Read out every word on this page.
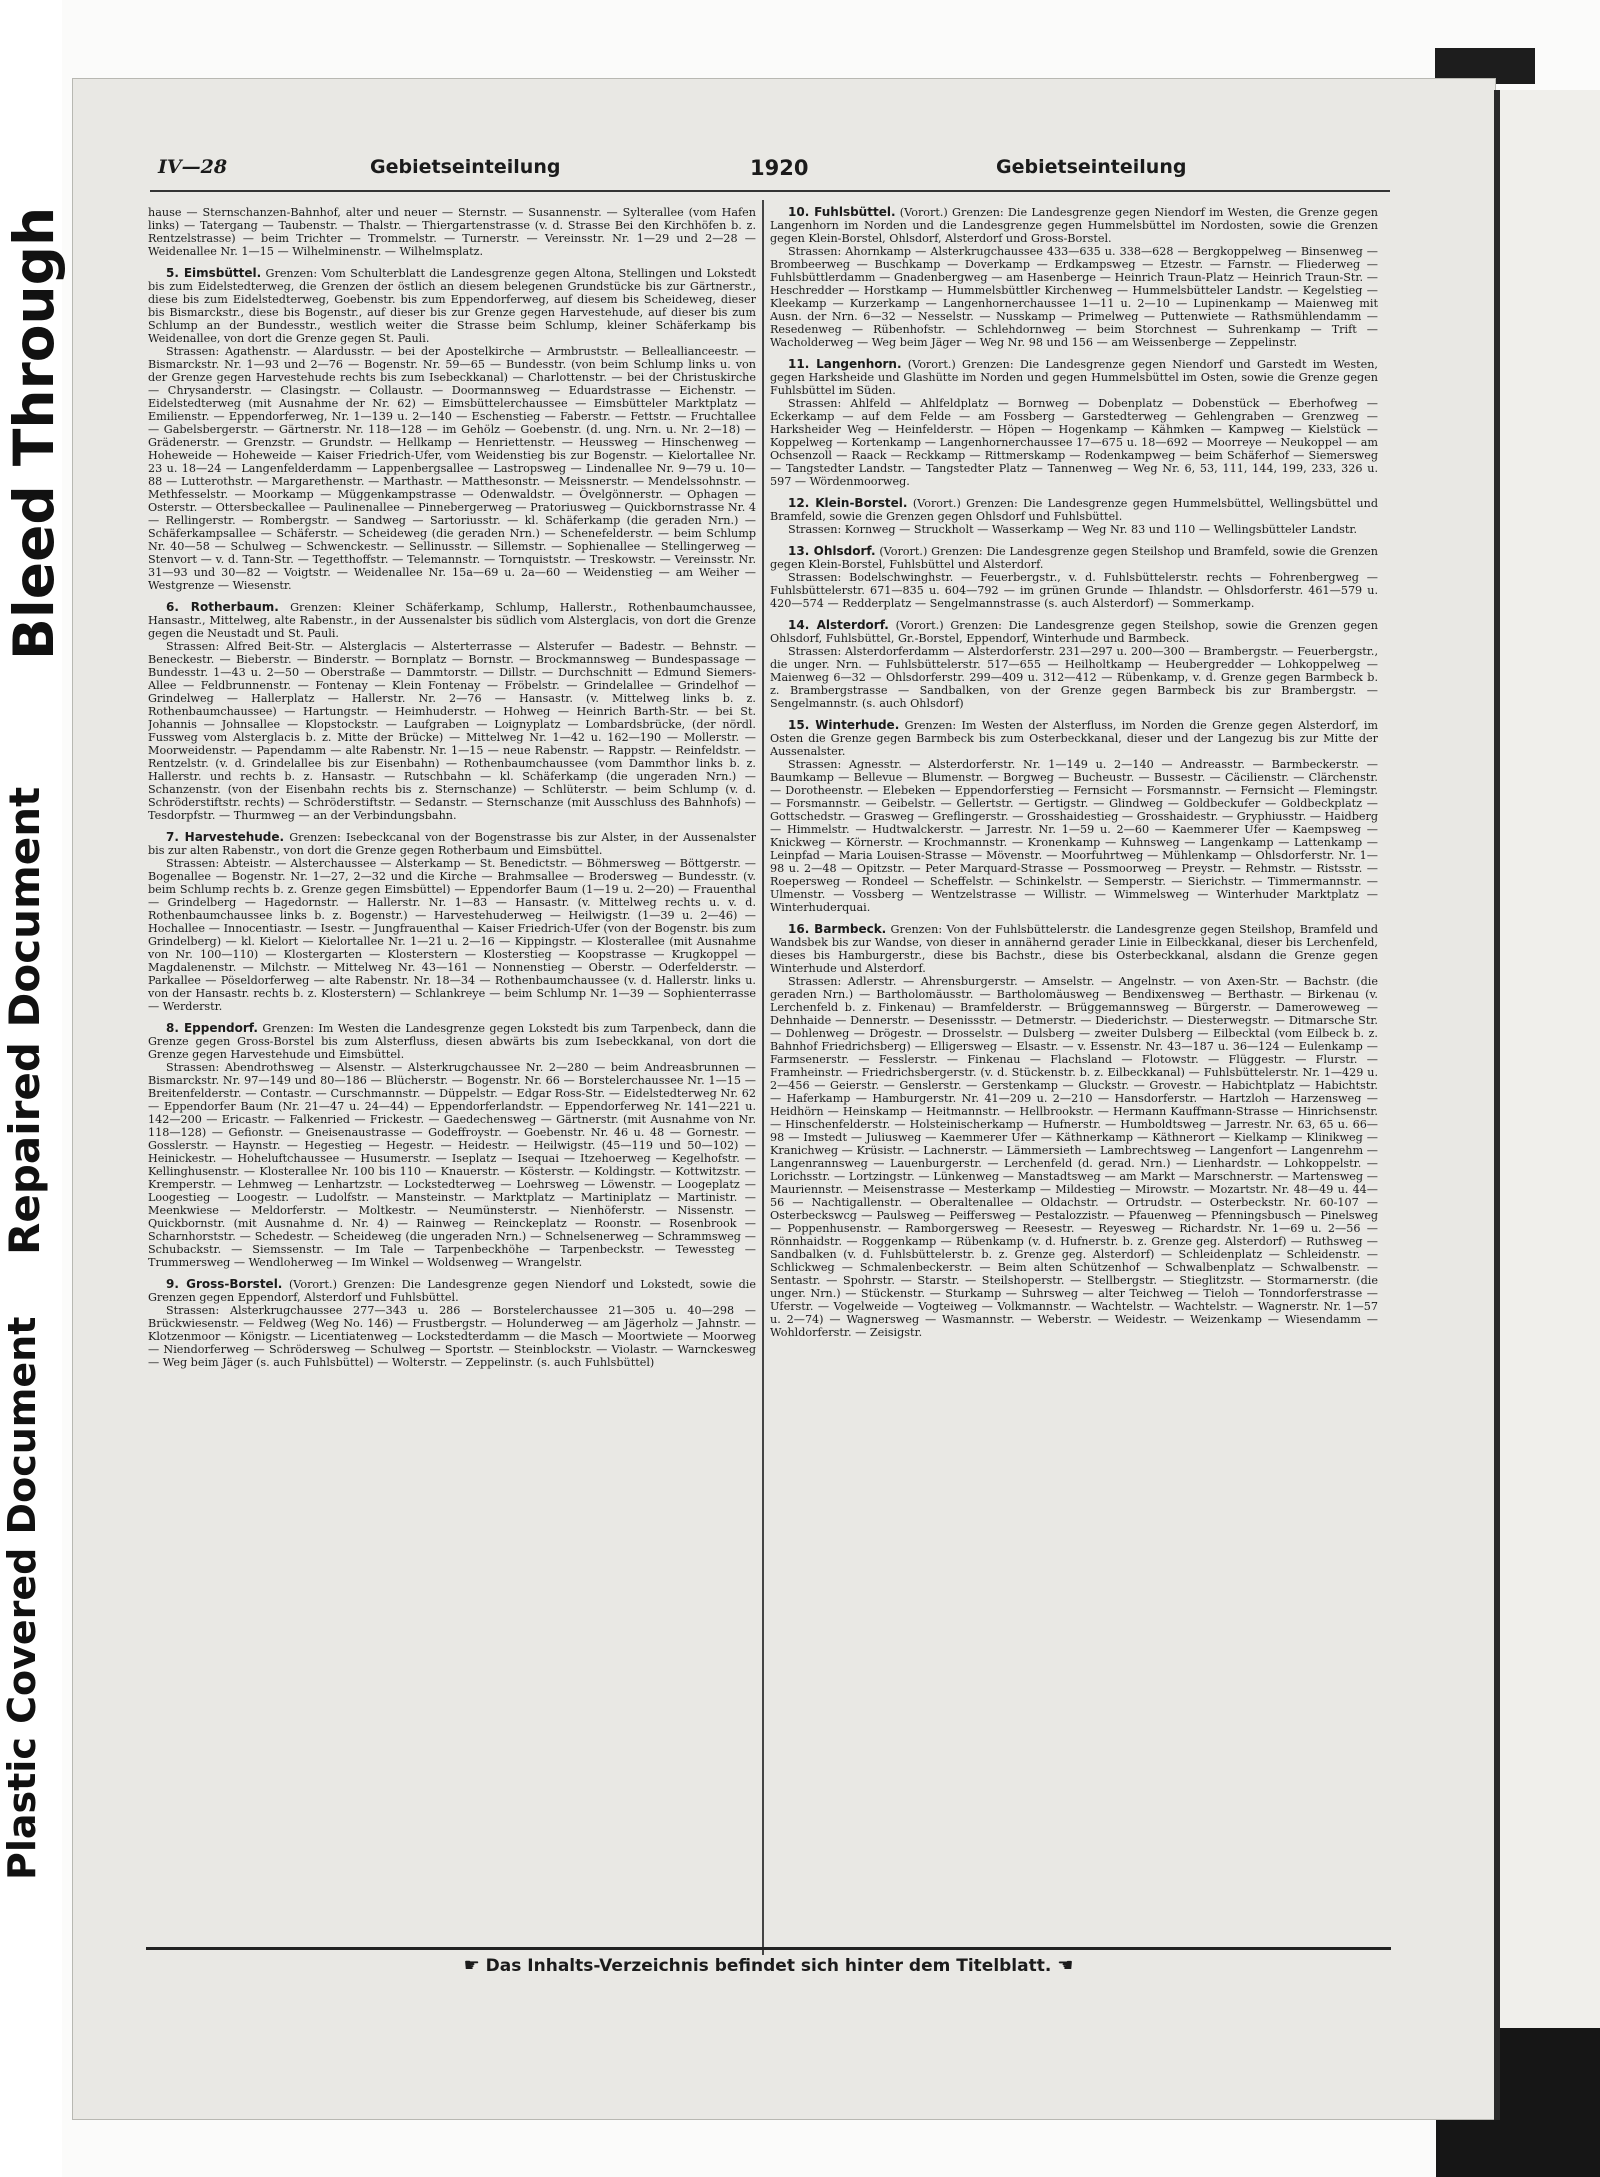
Plastic Covered Document
Repaired Document
Bleed Through
IV—28	Gebietseinteilung	1920	Gebietseinteilung

hause — Sternschanzen-Bahnhof, alter und neuer — Sternstr. — Susannenstr. — Sylterallee (vom Hafen links) — Tatergang — Taubenstr. — Thalstr. — Thiergartenstrasse (v. d. Strasse Bei den Kirchhöfen b. z. Rentzelstrasse) — beim Trichter — Trommelstr. — Turnerstr. — Vereinsstr. Nr. 1—29 und 2—28 — Weidenallee Nr. 1—15 — Wilhelminenstr. — Wilhelmsplatz.

5. Eimsbüttel. Grenzen: Vom Schulterblatt die Landesgrenze gegen Altona, Stellingen und Lokstedt bis zum Eidelstedterweg, die Grenzen der östlich an diesem belegenen Grundstücke bis zur Gärtnerstr., diese bis zum Eidelstedterweg, Goebenstr. bis zum Eppendorferweg, auf diesem bis Scheideweg, dieser bis Bismarckstr., diese bis Bogenstr., auf dieser bis zur Grenze gegen Harvestehude, auf dieser bis zum Schlump an der Bundesstr., westlich weiter die Strasse beim Schlump, kleiner Schäferkamp bis Weidenallee, von dort die Grenze gegen St. Pauli.

Strassen: Agathenstr. — Alardusstr. — bei der Apostelkirche — Armbruststr. — Belleallianceestr. — Bismarckstr. Nr. 1—93 und 2—76 — Bogenstr. Nr. 59—65 — Bundesstr. (von beim Schlump links u. von der Grenze gegen Harvestehude rechts bis zum Isebeckkanal) — Charlottenstr. — bei der Christuskirche — Chrysanderstr. — Clasingstr. — Collaustr. — Doormannsweg — Eduardstrasse — Eichenstr. — Eidelstedterweg (mit Ausnahme der Nr. 62) — Eimsbüttelerchaussee — Eimsbütteler Marktplatz — Emilienstr. — Eppendorferweg, Nr. 1—139 u. 2—140 — Eschenstieg — Faberstr. — Fettstr. — Fruchtallee — Gabelsbergerstr. — Gärtnerstr. Nr. 118—128 — im Gehölz — Goebenstr. (d. ung. Nrn. u. Nr. 2—18) — Grädenerstr. — Grenzstr. — Grundstr. — Hellkamp — Henriettenstr. — Heussweg — Hinschenweg — Hoheweide — Hoheweide — Kaiser Friedrich-Ufer, vom Weidenstieg bis zur Bogenstr. — Kielortallee Nr. 23 u. 18—24 — Langenfelderdamm — Lappenbergsallee — Lastropsweg — Lindenallee Nr. 9—79 u. 10—88 — Lutterothstr. — Margarethenstr. — Marthastr. — Matthesonstr. — Meissnerstr. — Mendelssohnstr. — Methfesselstr. — Moorkamp — Müggenkampstrasse — Odenwaldstr. — Övelgönnerstr. — Ophagen — Osterstr. — Ottersbeckallee — Paulinenallee — Pinnebergerweg — Pratoriusweg — Quickbornstrasse Nr. 4 — Rellingerstr. — Rombergstr. — Sandweg — Sartoriusstr. — kl. Schäferkamp (die geraden Nrn.) — Schäferkampsallee — Schäferstr. — Scheideweg (die geraden Nrn.) — Schenefelderstr. — beim Schlump Nr. 40—58 — Schulweg — Schwenckestr. — Sellinusstr. — Sillemstr. — Sophienallee — Stellingerweg — Stenvort — v. d. Tann-Str. — Tegetthoffstr. — Telemannstr. — Tornquiststr. — Treskowstr. — Vereinsstr. Nr. 31—93 und 30—82 — Voigtstr. — Weidenallee Nr. 15a—69 u. 2a—60 — Weidenstieg — am Weiher — Westgrenze — Wiesenstr.

6. Rotherbaum. Grenzen: Kleiner Schäferkamp, Schlump, Hallerstr., Rothenbaumchaussee, Hansastr., Mittelweg, alte Rabenstr., in der Aussenalster bis südlich vom Alsterglacis, von dort die Grenze gegen die Neustadt und St. Pauli.

Strassen: Alfred Beit-Str. — Alsterglacis — Alsterterrasse — Alsterufer — Badestr. — Behnstr. — Beneckestr. — Bieberstr. — Binderstr. — Bornplatz — Bornstr. — Brockmannsweg — Bundespassage — Bundesstr. 1—43 u. 2—50 — Oberstraße — Dammtorstr. — Dillstr. — Durchschnitt — Edmund Siemers-Allee — Feldbrunnenstr. — Fontenay — Klein Fontenay — Fröbelstr. — Grindelallee — Grindelhof — Grindelweg — Hallerplatz — Hallerstr. Nr. 2—76 — Hansastr. (v. Mittelweg links b. z. Rothenbaumchaussee) — Hartungstr. — Heimhuderstr. — Hohweg — Heinrich Barth-Str. — bei St. Johannis — Johnsallee — Klopstockstr. — Laufgraben — Loignyplatz — Lombardsbrücke, (der nördl. Fussweg vom Alsterglacis b. z. Mitte der Brücke) — Mittelweg Nr. 1—42 u. 162—190 — Mollerstr. — Moorweidenstr. — Papendamm — alte Rabenstr. Nr. 1—15 — neue Rabenstr. — Rappstr. — Reinfeldstr. — Rentzelstr. (v. d. Grindelallee bis zur Eisenbahn) — Rothenbaumchaussee (vom Dammthor links b. z. Hallerstr. und rechts b. z. Hansastr. — Rutschbahn — kl. Schäferkamp (die ungeraden Nrn.) — Schanzenstr. (von der Eisenbahn rechts bis z. Sternschanze) — Schlüterstr. — beim Schlump (v. d. Schröderstiftstr. rechts) — Schröderstiftstr. — Sedanstr. — Sternschanze (mit Ausschluss des Bahnhofs) — Tesdorpfstr. — Thurmweg — an der Verbindungsbahn.

7. Harvestehude. Grenzen: Isebeckcanal von der Bogenstrasse bis zur Alster, in der Aussenalster bis zur alten Rabenstr., von dort die Grenze gegen Rotherbaum und Eimsbüttel.

Strassen: Abteistr. — Alsterchaussee — Alsterkamp — St. Benedictstr. — Böhmersweg — Böttgerstr. — Bogenallee — Bogenstr. Nr. 1—27, 2—32 und die Kirche — Brahmsallee — Brodersweg — Bundesstr. (v. beim Schlump rechts b. z. Grenze gegen Eimsbüttel) — Eppendorfer Baum (1—19 u. 2—20) — Frauenthal — Grindelberg — Hagedornstr. — Hallerstr. Nr. 1—83 — Hansastr. (v. Mittelweg rechts u. v. d. Rothenbaumchaussee links b. z. Bogenstr.) — Harvestehuderweg — Heilwigstr. (1—39 u. 2—46) — Hochallee — Innocentiastr. — Isestr. — Jungfrauenthal — Kaiser Friedrich-Ufer (von der Bogenstr. bis zum Grindelberg) — kl. Kielort — Kielortallee Nr. 1—21 u. 2—16 — Kippingstr. — Klosterallee (mit Ausnahme von Nr. 100—110) — Klostergarten — Klosterstern — Klosterstieg — Koopstrasse — Krugkoppel — Magdalenenstr. — Milchstr. — Mittelweg Nr. 43—161 — Nonnenstieg — Oberstr. — Oderfelderstr. — Parkallee — Pöseldorferweg — alte Rabenstr. Nr. 18—34 — Rothenbaumchaussee (v. d. Hallerstr. links u. von der Hansastr. rechts b. z. Klosterstern) — Schlankreye — beim Schlump Nr. 1—39 — Sophienterrasse — Werderstr.

8. Eppendorf. Grenzen: Im Westen die Landesgrenze gegen Lokstedt bis zum Tarpenbeck, dann die Grenze gegen Gross-Borstel bis zum Alsterfluss, diesen abwärts bis zum Isebeckkanal, von dort die Grenze gegen Harvestehude und Eimsbüttel.

Strassen: Abendrothsweg — Alsenstr. — Alsterkrugchaussee Nr. 2—280 — beim Andreasbrunnen — Bismarckstr. Nr. 97—149 und 80—186 — Blücherstr. — Bogenstr. Nr. 66 — Borstelerchaussee Nr. 1—15 — Breitenfelderstr. — Contastr. — Curschmannstr. — Düppelstr. — Edgar Ross-Str. — Eidelstedterweg Nr. 62 — Eppendorfer Baum (Nr. 21—47 u. 24—44) — Eppendorferlandstr. — Eppendorferweg Nr. 141—221 u. 142—200 — Ericastr. — Falkenried — Frickestr. — Gaedechensweg — Gärtnerstr. (mit Ausnahme von Nr. 118—128) — Gefionstr. — Gneisenaustrasse — Godeffroystr. — Goebenstr. Nr. 46 u. 48 — Gornestr. — Gosslerstr. — Haynstr. — Hegestieg — Hegestr. — Heidestr. — Heilwigstr. (45—119 und 50—102) — Heinickestr. — Hoheluftchaussee — Husumerstr. — Iseplatz — Isequai — Itzehoerweg — Kegelhofstr. — Kellinghusenstr. — Klosterallee Nr. 100 bis 110 — Knauerstr. — Kösterstr. — Koldingstr. — Kottwitzstr. — Kremperstr. — Lehmweg — Lenhartzstr. — Lockstedterweg — Loehrsweg — Löwenstr. — Loogeplatz — Loogestieg — Loogestr. — Ludolfstr. — Mansteinstr. — Marktplatz — Martiniplatz — Martinistr. — Meenkwiese — Meldorferstr. — Moltkestr. — Neumünsterstr. — Nienhöferstr. — Nissenstr. — Quickbornstr. (mit Ausnahme d. Nr. 4) — Rainweg — Reinckeplatz — Roonstr. — Rosenbrook — Scharnhorststr. — Schedestr. — Scheideweg (die ungeraden Nrn.) — Schnelsenerweg — Schrammsweg — Schubackstr. — Siemssenstr. — Im Tale — Tarpenbeckhöhe — Tarpenbeckstr. — Tewessteg — Trummersweg — Wendloherweg — Im Winkel — Woldsenweg — Wrangelstr.

9. Gross-Borstel. (Vorort.) Grenzen: Die Landesgrenze gegen Niendorf und Lokstedt, sowie die Grenzen gegen Eppendorf, Alsterdorf und Fuhlsbüttel.

Strassen: Alsterkrugchaussee 277—343 u. 286 — Borstelerchaussee 21—305 u. 40—298 — Brückwiesenstr. — Feldweg (Weg No. 146) — Frustbergstr. — Holunderweg — am Jägerholz — Jahnstr. — Klotzenmoor — Königstr. — Licentiatenweg — Lockstedterdamm — die Masch — Moortwiete — Moorweg — Niendorferweg — Schrödersweg — Schulweg — Sportstr. — Steinblockstr. — Violastr. — Warnckesweg — Weg beim Jäger (s. auch Fuhlsbüttel) — Wolterstr. — Zeppelinstr. (s. auch Fuhlsbüttel)

10. Fuhlsbüttel. (Vorort.) Grenzen: Die Landesgrenze gegen Niendorf im Westen, die Grenze gegen Langenhorn im Norden und die Landesgrenze gegen Hummelsbüttel im Nordosten, sowie die Grenzen gegen Klein-Borstel, Ohlsdorf, Alsterdorf und Gross-Borstel.

Strassen: Ahornkamp — Alsterkrugchaussee 433—635 u. 338—628 — Bergkoppelweg — Binsenweg — Brombeerweg — Buschkamp — Doverkamp — Erdkampsweg — Etzestr. — Farnstr. — Fliederweg — Fuhlsbüttlerdamm — Gnadenbergweg — am Hasenberge — Heinrich Traun-Platz — Heinrich Traun-Str. — Heschredder — Horstkamp — Hummelsbüttler Kirchenweg — Hummelsbütteler Landstr. — Kegelstieg — Kleekamp — Kurzerkamp — Langenhornerchaussee 1—11 u. 2—10 — Lupinenkamp — Maienweg mit Ausn. der Nrn. 6—32 — Nesselstr. — Nusskamp — Primelweg — Puttenwiete — Rathsmühlendamm — Resedenweg — Rübenhofstr. — Schlehdornweg — beim Storchnest — Suhrenkamp — Trift — Wacholderweg — Weg beim Jäger — Weg Nr. 98 und 156 — am Weissenberge — Zeppelinstr.

11. Langenhorn. (Vorort.) Grenzen: Die Landesgrenze gegen Niendorf und Garstedt im Westen, gegen Harksheide und Glashütte im Norden und gegen Hummelsbüttel im Osten, sowie die Grenze gegen Fuhlsbüttel im Süden.

Strassen: Ahlfeld — Ahlfeldplatz — Bornweg — Dobenplatz — Dobenstück — Eberhofweg — Eckerkamp — auf dem Felde — am Fossberg — Garstedterweg — Gehlengraben — Grenzweg — Harksheider Weg — Heinfelderstr. — Höpen — Hogenkamp — Kähmken — Kampweg — Kielstück — Koppelweg — Kortenkamp — Langenhornerchaussee 17—675 u. 18—692 — Moorreye — Neukoppel — am Ochsenzoll — Raack — Reckkamp — Rittmerskamp — Rodenkampweg — beim Schäferhof — Siemersweg — Tangstedter Landstr. — Tangstedter Platz — Tannenweg — Weg Nr. 6, 53, 111, 144, 199, 233, 326 u. 597 — Wördenmoorweg.

12. Klein-Borstel. (Vorort.) Grenzen: Die Landesgrenze gegen Hummelsbüttel, Wellingsbüttel und Bramfeld, sowie die Grenzen gegen Ohlsdorf und Fuhlsbüttel.

Strassen: Kornweg — Struckholt — Wasserkamp — Weg Nr. 83 und 110 — Wellingsbütteler Landstr.

13. Ohlsdorf. (Vorort.) Grenzen: Die Landesgrenze gegen Steilshop und Bramfeld, sowie die Grenzen gegen Klein-Borstel, Fuhlsbüttel und Alsterdorf.

Strassen: Bodelschwinghstr. — Feuerbergstr., v. d. Fuhlsbüttelerstr. rechts — Fohrenbergweg — Fuhlsbüttelerstr. 671—835 u. 604—792 — im grünen Grunde — Ihlandstr. — Ohlsdorferstr. 461—579 u. 420—574 — Redderplatz — Sengelmannstrasse (s. auch Alsterdorf) — Sommerkamp.

14. Alsterdorf. (Vorort.) Grenzen: Die Landesgrenze gegen Steilshop, sowie die Grenzen gegen Ohlsdorf, Fuhlsbüttel, Gr.-Borstel, Eppendorf, Winterhude und Barmbeck.

Strassen: Alsterdorferdamm — Alsterdorferstr. 231—297 u. 200—300 — Brambergstr. — Feuerbergstr., die unger. Nrn. — Fuhlsbüttelerstr. 517—655 — Heilholtkamp — Heubergredder — Lohkoppelweg — Maienweg 6—32 — Ohlsdorferstr. 299—409 u. 312—412 — Rübenkamp, v. d. Grenze gegen Barmbeck b. z. Brambergstrasse — Sandbalken, von der Grenze gegen Barmbeck bis zur Brambergstr. — Sengelmannstr. (s. auch Ohlsdorf)

15. Winterhude. Grenzen: Im Westen der Alsterfluss, im Norden die Grenze gegen Alsterdorf, im Osten die Grenze gegen Barmbeck bis zum Osterbeckkanal, dieser und der Langezug bis zur Mitte der Aussenalster.

Strassen: Agnesstr. — Alsterdorferstr. Nr. 1—149 u. 2—140 — Andreasstr. — Barmbeckerstr. — Baumkamp — Bellevue — Blumenstr. — Borgweg — Bucheustr. — Bussestr. — Cäcilienstr. — Clärchenstr. — Dorotheenstr. — Elebeken — Eppendorferstieg — Fernsicht — Forsmannstr. — Fernsicht — Flemingstr. — Forsmannstr. — Geibelstr. — Gellertstr. — Gertigstr. — Glindweg — Goldbeckufer — Goldbeckplatz — Gottschedstr. — Grasweg — Greflingerstr. — Grosshaidestieg — Grosshaidestr. — Gryphiusstr. — Haidberg — Himmelstr. — Hudtwalckerstr. — Jarrestr. Nr. 1—59 u. 2—60 — Kaemmerer Ufer — Kaempsweg — Knickweg — Körnerstr. — Krochmannstr. — Kronenkamp — Kuhnsweg — Langenkamp — Lattenkamp — Leinpfad — Maria Louisen-Strasse — Mövenstr. — Moorfuhrtweg — Mühlenkamp — Ohlsdorferstr. Nr. 1—98 u. 2—48 — Opitzstr. — Peter Marquard-Strasse — Possmoorweg — Preystr. — Rehmstr. — Ristsstr. — Roepersweg — Rondeel — Scheffelstr. — Schinkelstr. — Semperstr. — Sierichstr. — Timmermannstr. — Ulmenstr. — Vossberg — Wentzelstrasse — Willistr. — Wimmelsweg — Winterhuder Marktplatz — Winterhuderquai.

16. Barmbeck. Grenzen: Von der Fuhlsbüttelerstr. die Landesgrenze gegen Steilshop, Bramfeld und Wandsbek bis zur Wandse, von dieser in annähernd gerader Linie in Eilbeckkanal, dieser bis Lerchenfeld, dieses bis Hamburgerstr., diese bis Bachstr., diese bis Osterbeckkanal, alsdann die Grenze gegen Winterhude und Alsterdorf.

Strassen: Adlerstr. — Ahrensburgerstr. — Amselstr. — Angelnstr. — von Axen-Str. — Bachstr. (die geraden Nrn.) — Bartholomäusstr. — Bartholomäusweg — Bendixensweg — Berthastr. — Birkenau (v. Lerchenfeld b. z. Finkenau) — Bramfelderstr. — Brüggemannsweg — Bürgerstr. — Dameroweweg — Dehnhaide — Dennerstr. — Desenissstr. — Detmerstr. — Diederichstr. — Diesterwegstr. — Ditmarsche Str. — Dohlenweg — Drögestr. — Drosselstr. — Dulsberg — zweiter Dulsberg — Eilbecktal (vom Eilbeck b. z. Bahnhof Friedrichsberg) — Elligersweg — Elsastr. — v. Essenstr. Nr. 43—187 u. 36—124 — Eulenkamp — Farmsenerstr. — Fesslerstr. — Finkenau — Flachsland — Flotowstr. — Flüggestr. — Flurstr. — Framheinstr. — Friedrichsbergerstr. (v. d. Stückenstr. b. z. Eilbeckkanal) — Fuhlsbüttelerstr. Nr. 1—429 u. 2—456 — Geierstr. — Genslerstr. — Gerstenkamp — Gluckstr. — Grovestr. — Habichtplatz — Habichtstr. — Haferkamp — Hamburgerstr. Nr. 41—209 u. 2—210 — Hansdorferstr. — Hartzloh — Harzensweg — Heidhörn — Heinskamp — Heitmannstr. — Hellbrookstr. — Hermann Kauffmann-Strasse — Hinrichsenstr. — Hinschenfelderstr. — Holsteinischerkamp — Hufnerstr. — Humboldtsweg — Jarrestr. Nr. 63, 65 u. 66—98 — Imstedt — Juliusweg — Kaemmerer Ufer — Käthnerkamp — Käthnerort — Kielkamp — Klinikweg — Kranichweg — Krüsistr. — Lachnerstr. — Lämmersieth — Lambrechtsweg — Langenfort — Langenrehm — Langenrannsweg — Lauenburgerstr. — Lerchenfeld (d. gerad. Nrn.) — Lienhardstr. — Lohkoppelstr. — Lorichsstr. — Lortzingstr. — Lünkenweg — Manstadtsweg — am Markt — Marschnerstr. — Martensweg — Mauriennstr. — Meisenstrasse — Mesterkamp — Mildestieg — Mirowstr. — Mozartstr. Nr. 48—49 u. 44—56 — Nachtigallenstr. — Oberaltenallee — Oldachstr. — Ortrudstr. — Osterbeckstr. Nr. 60-107 — Osterbeckswcg — Paulsweg — Peiffersweg — Pestalozzistr. — Pfauenweg — Pfenningsbusch — Pinelsweg — Poppenhusenstr. — Ramborgersweg — Reesestr. — Reyesweg — Richardstr. Nr. 1—69 u. 2—56 — Rönnhaidstr. — Roggenkamp — Rübenkamp (v. d. Hufnerstr. b. z. Grenze geg. Alsterdorf) — Ruthsweg — Sandbalken (v. d. Fuhlsbüttelerstr. b. z. Grenze geg. Alsterdorf) — Schleidenplatz — Schleidenstr. — Schlickweg — Schmalenbeckerstr. — Beim alten Schützenhof — Schwalbenplatz — Schwalbenstr. — Sentastr. — Spohrstr. — Starstr. — Steilshoperstr. — Stellbergstr. — Stieglitzstr. — Stormarnerstr. (die unger. Nrn.) — Stückenstr. — Sturkamp — Suhrsweg — alter Teichweg — Tieloh — Tonndorferstrasse — Uferstr. — Vogelweide — Vogteiweg — Volkmannstr. — Wachtelstr. — Wachtelstr. — Wagnerstr. Nr. 1—57 u. 2—74) — Wagnersweg — Wasmannstr. — Weberstr. — Weidestr. — Weizenkamp — Wiesendamm — Wohldorferstr. — Zeisigstr.

☛ Das Inhalts-Verzeichnis befindet sich hinter dem Titelblatt. ☚
